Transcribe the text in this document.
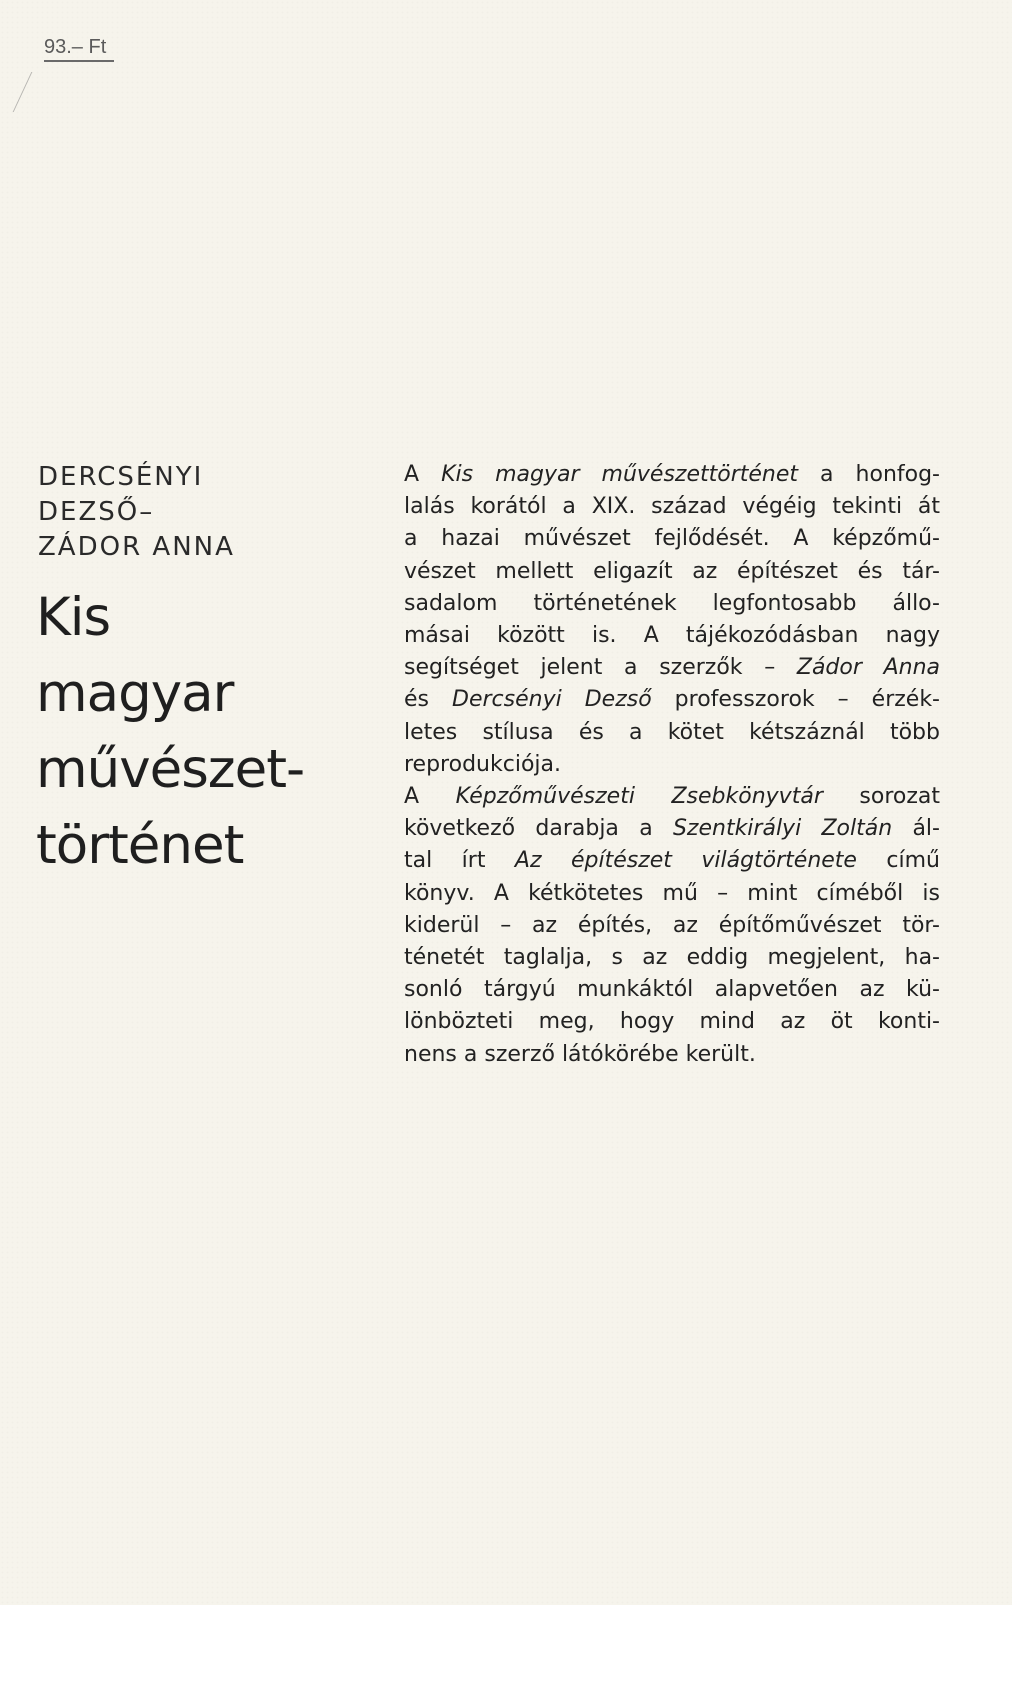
93.– Ft
DERCSÉNYI
DEZSŐ–
ZÁDOR ANNA
Kis
magyar
művészet-
történet
A Kis magyar művészettörténet a honfog-
lalás korától a XIX. század végéig tekinti át
a hazai művészet fejlődését. A képzőmű-
vészet mellett eligazít az építészet és tár-
sadalom történetének legfontosabb állo-
másai között is. A tájékozódásban nagy
segítséget jelent a szerzők – Zádor Anna
és Dercsényi Dezső professzorok – érzék-
letes stílusa és a kötet kétszáznál több
reprodukciója.
A Képzőművészeti Zsebkönyvtár sorozat
következő darabja a Szentkirályi Zoltán ál-
tal írt Az építészet világtörténete című
könyv. A kétkötetes mű – mint címéből is
kiderül – az építés, az építőművészet tör-
ténetét taglalja, s az eddig megjelent, ha-
sonló tárgyú munkáktól alapvetően az kü-
lönbözteti meg, hogy mind az öt konti-
nens a szerző látókörébe került.
